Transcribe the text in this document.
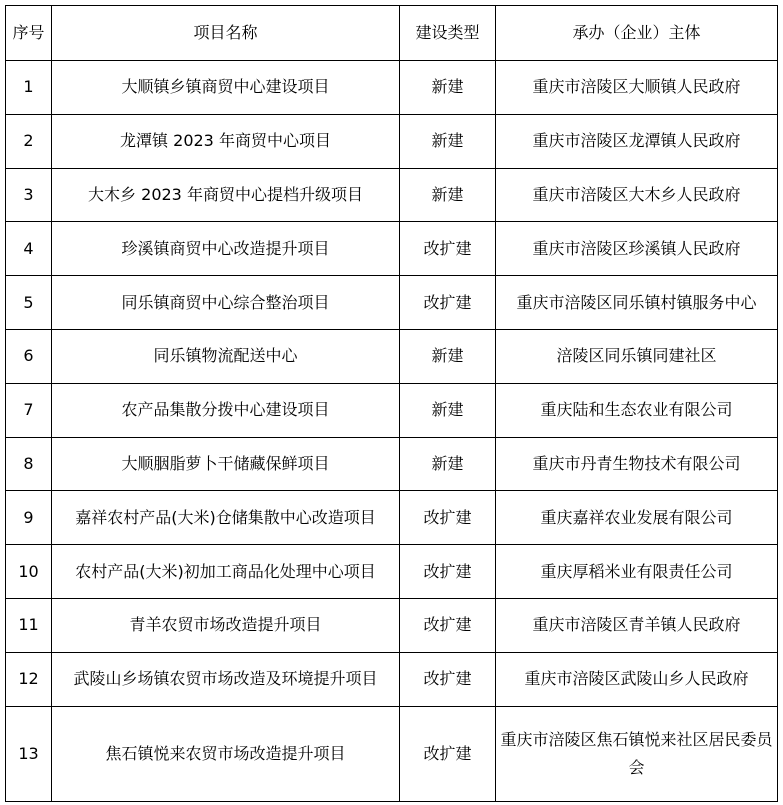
序号	项目名称	建设类型	承办（企业）主体
1	大顺镇乡镇商贸中心建设项目	新建	重庆市涪陵区大顺镇人民政府
2	龙潭镇 2023 年商贸中心项目	新建	重庆市涪陵区龙潭镇人民政府
3	大木乡 2023 年商贸中心提档升级项目	新建	重庆市涪陵区大木乡人民政府
4	珍溪镇商贸中心改造提升项目	改扩建	重庆市涪陵区珍溪镇人民政府
5	同乐镇商贸中心综合整治项目	改扩建	重庆市涪陵区同乐镇村镇服务中心
6	同乐镇物流配送中心	新建	涪陵区同乐镇同建社区
7	农产品集散分拨中心建设项目	新建	重庆陆和生态农业有限公司
8	大顺胭脂萝卜干储藏保鲜项目	新建	重庆市丹青生物技术有限公司
9	嘉祥农村产品(大米)仓储集散中心改造项目	改扩建	重庆嘉祥农业发展有限公司
10	农村产品(大米)初加工商品化处理中心项目	改扩建	重庆厚稻米业有限责任公司
11	青羊农贸市场改造提升项目	改扩建	重庆市涪陵区青羊镇人民政府
12	武陵山乡场镇农贸市场改造及环境提升项目	改扩建	重庆市涪陵区武陵山乡人民政府
13	焦石镇悦来农贸市场改造提升项目	改扩建	重庆市涪陵区焦石镇悦来社区居民委员会
